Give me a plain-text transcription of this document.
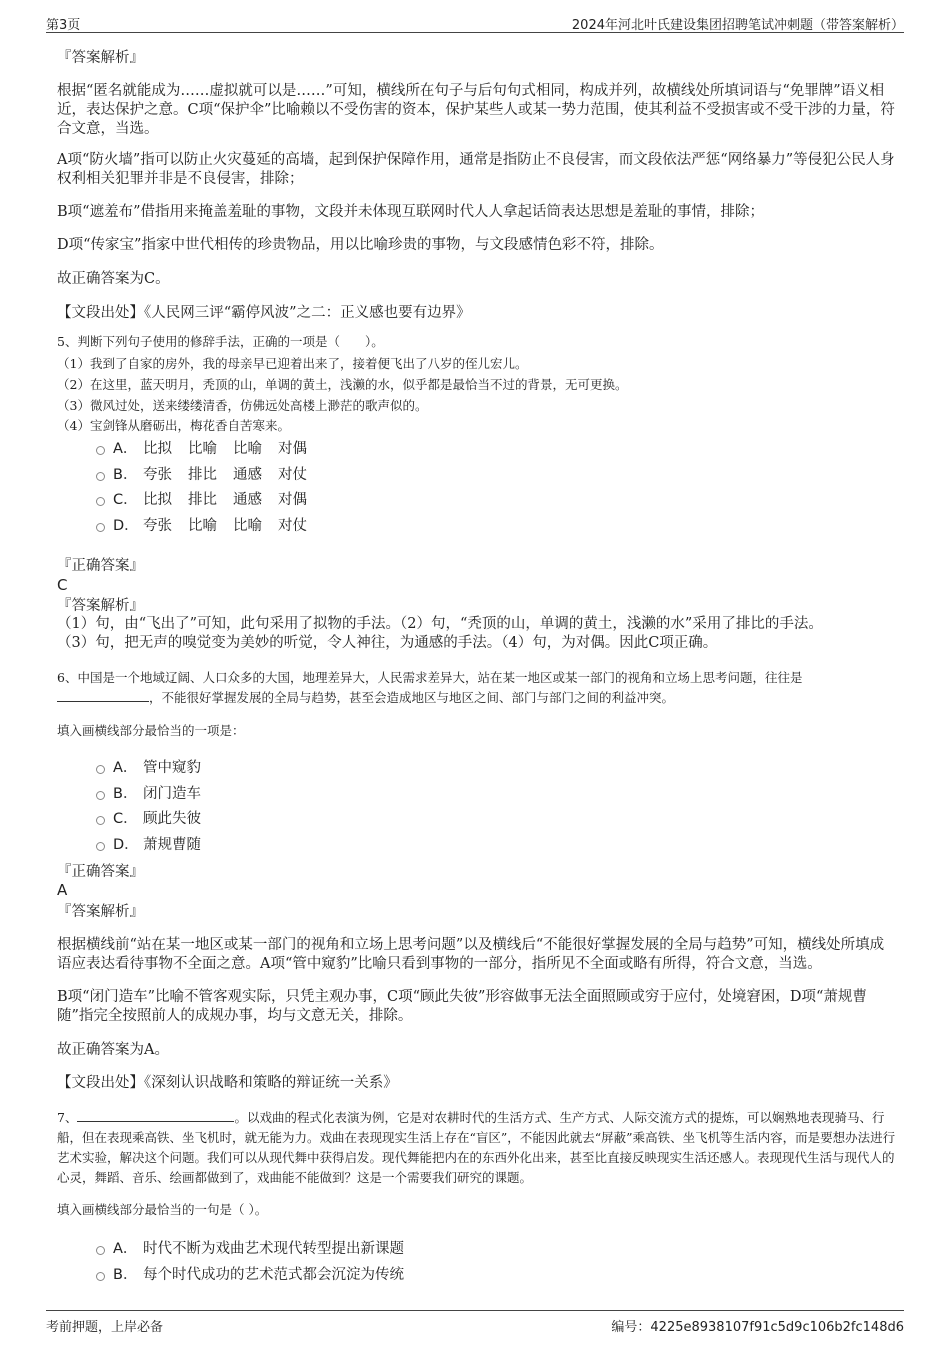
第3页	2024年河北叶氏建设集团招聘笔试冲刺题（带答案解析）
『答案解析』
根据“匿名就能成为……虚拟就可以是……”可知，横线所在句子与后句句式相同，构成并列，故横线处所填词语与“免罪牌”语义相近，表达保护之意。C项“保护伞”比喻赖以不受伤害的资本，保护某些人或某一势力范围，使其利益不受损害或不受干涉的力量，符合文意，当选。
A项“防火墙”指可以防止火灾蔓延的高墙，起到保护保障作用，通常是指防止不良侵害，而文段依法严惩“网络暴力”等侵犯公民人身权利相关犯罪并非是不良侵害，排除；
B项“遮羞布”借指用来掩盖羞耻的事物，文段并未体现互联网时代人人拿起话筒表达思想是羞耻的事情，排除；
D项“传家宝”指家中世代相传的珍贵物品，用以比喻珍贵的事物，与文段感情色彩不符，排除。
故正确答案为C。
【文段出处】《人民网三评“霸停风波”之二：正义感也要有边界》
5、判断下列句子使用的修辞手法，正确的一项是（　　）。
（1）我到了自家的房外，我的母亲早已迎着出来了，接着便飞出了八岁的侄儿宏儿。
（2）在这里，蓝天明月，秃顶的山，单调的黄土，浅濑的水，似乎都是最恰当不过的背景，无可更换。
（3）微风过处，送来缕缕清香，仿佛远处高楼上渺茫的歌声似的。
（4）宝剑锋从磨砺出，梅花香自苦寒来。
A． 比拟 比喻 比喻 对偶
B． 夸张 排比 通感 对仗
C． 比拟 排比 通感 对偶
D． 夸张 比喻 比喻 对仗
『正确答案』
C
『答案解析』
（1）句，由“飞出了”可知，此句采用了拟物的手法。（2）句，“秃顶的山，单调的黄土，浅濑的水”采用了排比的手法。
（3）句，把无声的嗅觉变为美妙的听觉，令人神往，为通感的手法。（4）句，为对偶。因此C项正确。
6、中国是一个地域辽阔、人口众多的大国，地理差异大，人民需求差异大，站在某一地区或某一部门的视角和立场上思考问题，往往是
，不能很好掌握发展的全局与趋势，甚至会造成地区与地区之间、部门与部门之间的利益冲突。
填入画横线部分最恰当的一项是：
A． 管中窥豹
B． 闭门造车
C． 顾此失彼
D． 萧规曹随
『正确答案』
A
『答案解析』
根据横线前“站在某一地区或某一部门的视角和立场上思考问题”以及横线后“不能很好掌握发展的全局与趋势”可知，横线处所填成语应表达看待事物不全面之意。A项“管中窥豹”比喻只看到事物的一部分，指所见不全面或略有所得，符合文意，当选。
B项“闭门造车”比喻不管客观实际，只凭主观办事，C项“顾此失彼”形容做事无法全面照顾或穷于应付，处境窘困，D项“萧规曹随”指完全按照前人的成规办事，均与文意无关，排除。
故正确答案为A。
【文段出处】《深刻认识战略和策略的辩证统一关系》
7、	。以戏曲的程式化表演为例，它是对农耕时代的生活方式、生产方式、人际交流方式的提炼，可以娴熟地表现骑马、行船，但在表现乘高铁、坐飞机时，就无能为力。戏曲在表现现实生活上存在“盲区”，不能因此就去“屏蔽”乘高铁、坐飞机等生活内容，而是要想办法进行艺术实验，解决这个问题。我们可以从现代舞中获得启发。现代舞能把内在的东西外化出来，甚至比直接反映现实生活还感人。表现现代生活与现代人的心灵，舞蹈、音乐、绘画都做到了，戏曲能不能做到？这是一个需要我们研究的课题。
填入画横线部分最恰当的一句是（ ）。
A． 时代不断为戏曲艺术现代转型提出新课题
B． 每个时代成功的艺术范式都会沉淀为传统
考前押题，上岸必备	编号：4225e8938107f91c5d9c106b2fc148d6
